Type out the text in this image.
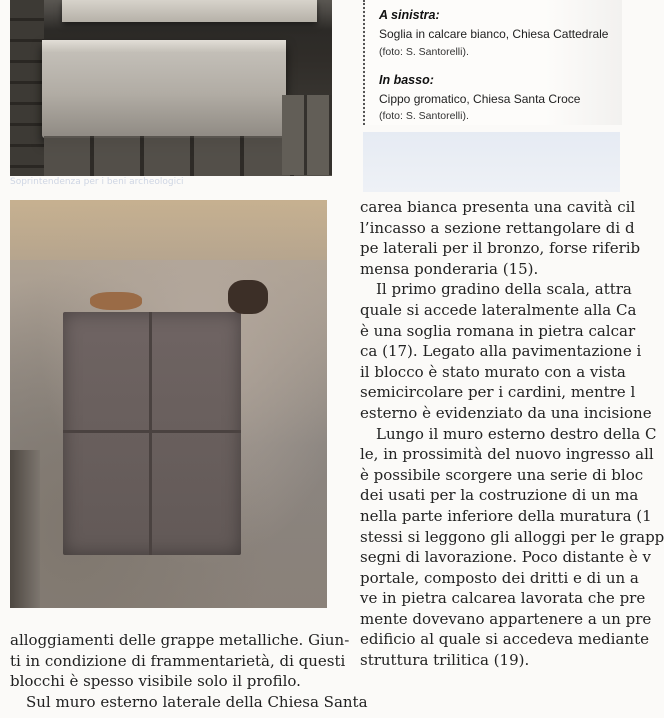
Soprintendenza per i beni archeologici
A sinistra:
Soglia in calcare bianco, Chiesa Cattedrale
(foto: S. Santorelli).
In basso:
Cippo gromatico, Chiesa Santa Croce
(foto: S. Santorelli).
alloggiamenti delle grappe metalliche. Giun-
ti in condizione di frammentarietà, di questi
blocchi è spesso visibile solo il profilo.
Sul muro esterno laterale della Chiesa Santa
carea bianca presenta una cavità cil
l’incasso a sezione rettangolare di d
pe laterali per il bronzo, forse riferib
mensa ponderaria (15).
Il primo gradino della scala, attra
quale si accede lateralmente alla Ca
è una soglia romana in pietra calcar
ca (17). Legato alla pavimentazione i
il blocco è stato murato con a vista
semicircolare per i cardini, mentre l
esterno è evidenziato da una incisione
Lungo il muro esterno destro della C
le, in prossimità del nuovo ingresso all
è possibile scorgere una serie di bloc
dei usati per la costruzione di un ma
nella parte inferiore della muratura (1
stessi si leggono gli alloggi per le grapp
segni di lavorazione. Poco distante è v
portale, composto dei dritti e di un a
ve in pietra calcarea lavorata che pre
mente dovevano appartenere a un pre
edificio al quale si accedeva mediante
struttura trilitica (19).
